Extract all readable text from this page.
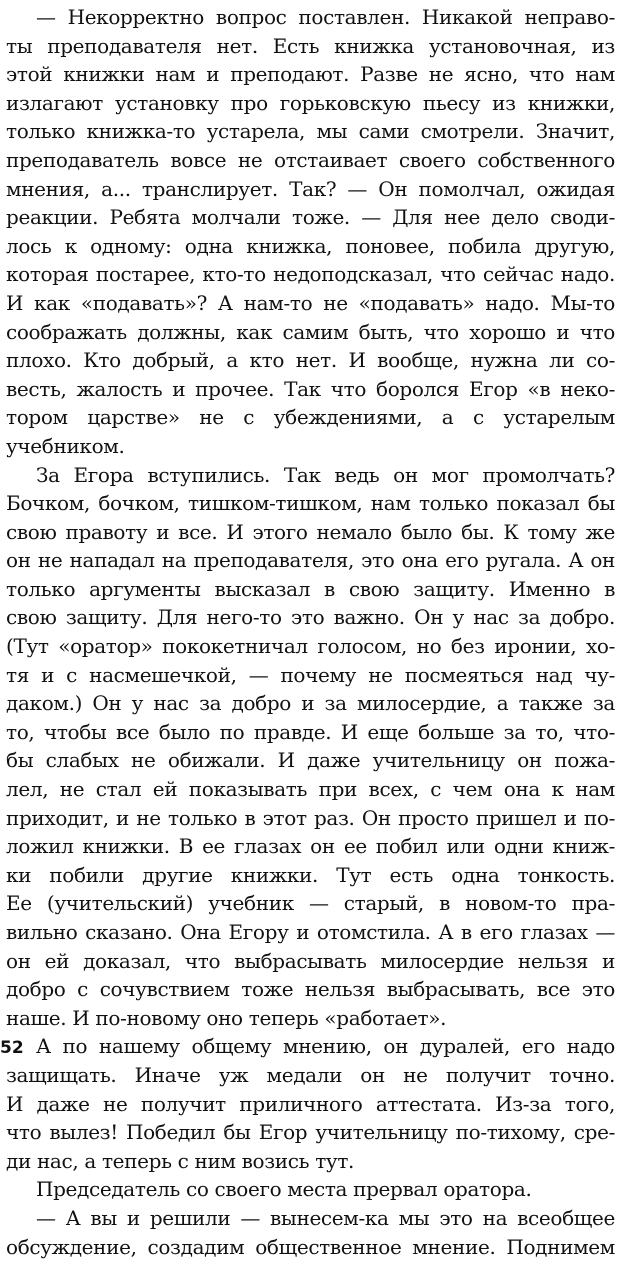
— Некорректно вопрос поставлен. Никакой неправо-
ты преподавателя нет. Есть книжка установочная, из
этой книжки нам и преподают. Разве не ясно, что нам
излагают установку про горьковскую пьесу из книжки,
только книжка-то устарела, мы сами смотрели. Значит,
преподаватель вовсе не отстаивает своего собственного
мнения, а... транслирует. Так? — Он помолчал, ожидая
реакции. Ребята молчали тоже. — Для нее дело своди-
лось к одному: одна книжка, поновее, побила другую,
которая постарее, кто-то недоподсказал, что сейчас надо.
И как «подавать»? А нам-то не «подавать» надо. Мы-то
соображать должны, как самим быть, что хорошо и что
плохо. Кто добрый, а кто нет. И вообще, нужна ли со-
весть, жалость и прочее. Так что боролся Егор «в неко-
тором царстве» не с убеждениями, а с устарелым
учебником.
За Егора вступились. Так ведь он мог промолчать?
Бочком, бочком, тишком-тишком, нам только показал бы
свою правоту и все. И этого немало было бы. К тому же
он не нападал на преподавателя, это она его ругала. А он
только аргументы высказал в свою защиту. Именно в
свою защиту. Для него-то это важно. Он у нас за добро.
(Тут «оратор» пококетничал голосом, но без иронии, хо-
тя и с насмешечкой, — почему не посмеяться над чу-
даком.) Он у нас за добро и за милосердие, а также за
то, чтобы все было по правде. И еще больше за то, что-
бы слабых не обижали. И даже учительницу он пожа-
лел, не стал ей показывать при всех, с чем она к нам
приходит, и не только в этот раз. Он просто пришел и по-
ложил книжки. В ее глазах он ее побил или одни книж-
ки побили другие книжки. Тут есть одна тонкость.
Ее (учительский) учебник — старый, в новом-то пра-
вильно сказано. Она Егору и отомстила. А в его глазах —
он ей доказал, что выбрасывать милосердие нельзя и
добро с сочувствием тоже нельзя выбрасывать, все это
наше. И по-новому оно теперь «работает».
А по нашему общему мнению, он дуралей, его надо
защищать. Иначе уж медали он не получит точно.
И даже не получит приличного аттестата. Из-за того,
что вылез! Победил бы Егор учительницу по-тихому, сре-
ди нас, а теперь с ним возись тут.
Председатель со своего места прервал оратора.
— А вы и решили — вынесем-ка мы это на всеобщее
обсуждение, создадим общественное мнение. Поднимем
52
